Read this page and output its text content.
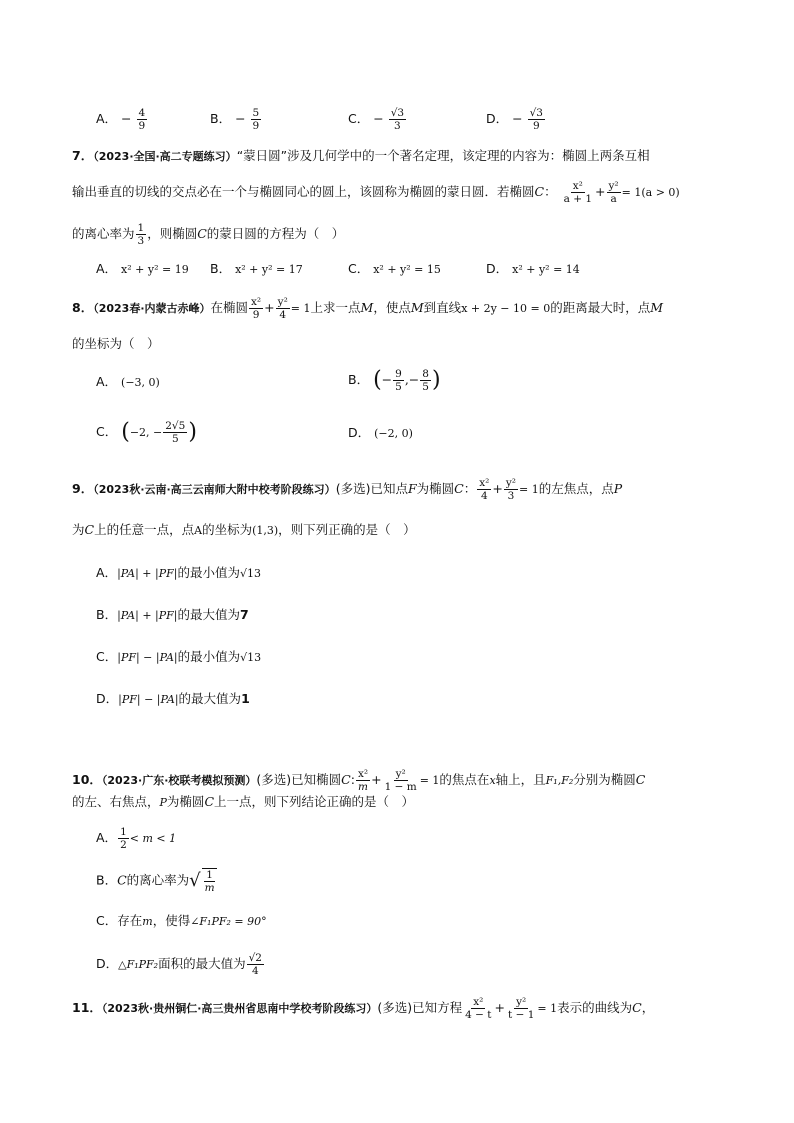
A． − $\frac{4}{9}$	B． − $\frac{5}{9}$	C． − $\frac{√3}{3}$	D． − $\frac{√3}{9}$
7．（2023·全国·高二专题练习）“蒙日圆”涉及几何学中的一个著名定理，该定理的内容为：椭圆上两条互相
输出垂直的切线的交点必在一个与椭圆同心的圆上，该圆称为椭圆的蒙日圆．若椭圆C： $\frac{\text{x²}}{a + 1} + \frac{\text{y²}}{a} = 1(a > 0)$
的离心率为 $\frac{1}{3}$ ，则椭圆C的蒙日圆的方程为（　）
A． x² + y² = 19 B． x² + y² = 17	C． x² + y² = 15	D． x² + y² = 14
8．（2023春·内蒙古赤峰）在椭圆 $\frac{\text{x²}}{9} + \frac{\text{y²}}{4} = 1$上求一点M，使点M到直线x + 2y − 10 = 0的距离最大时，点M
的坐标为（　）
A． (−3, 0)	B． (− $\frac{9}{5}$ ,− $\frac{8}{5}$ )
C． (−2, − $\frac{2√5}{5}$ )	D． (−2, 0)
9．（2023秋·云南·高三云南师大附中校考阶段练习）(多选)已知点F为椭圆C： $\frac{\text{x²}}{4} + \frac{\text{y²}}{3} = 1$的左焦点，点P
为C上的任意一点，点A的坐标为(1,3)，则下列正确的是（　）
A．|PA| + |PF|的最小值为√13
B．|PA| + |PF|的最大值为7
C．|PF| − |PA|的最小值为√13
D．|PF| − |PA|的最大值为1
10．（2023·广东·校联考模拟预测）(多选)已知椭圆C: $\frac{\text{x²}}{m} + \frac{\text{y²}}{1 - m} = 1$的焦点在x轴上，且F₁,F₂分别为椭圆C
的左、右焦点，P为椭圆C上一点，则下列结论正确的是（　）
A． $\frac{1}{2} < m < 1$
B．C的离心率为√ $\frac{1}{m}$
C．存在m，使得∠F₁PF₂ = 90°
D．△F₁PF₂面积的最大值为 $\frac{√2}{4}$
11．（2023秋·贵州铜仁·高三贵州省思南中学校考阶段练习）(多选)已知方程 $\frac{\text{x²}}{4 - t} + \frac{\text{y²}}{t - 1} = 1$表示的曲线为C，
